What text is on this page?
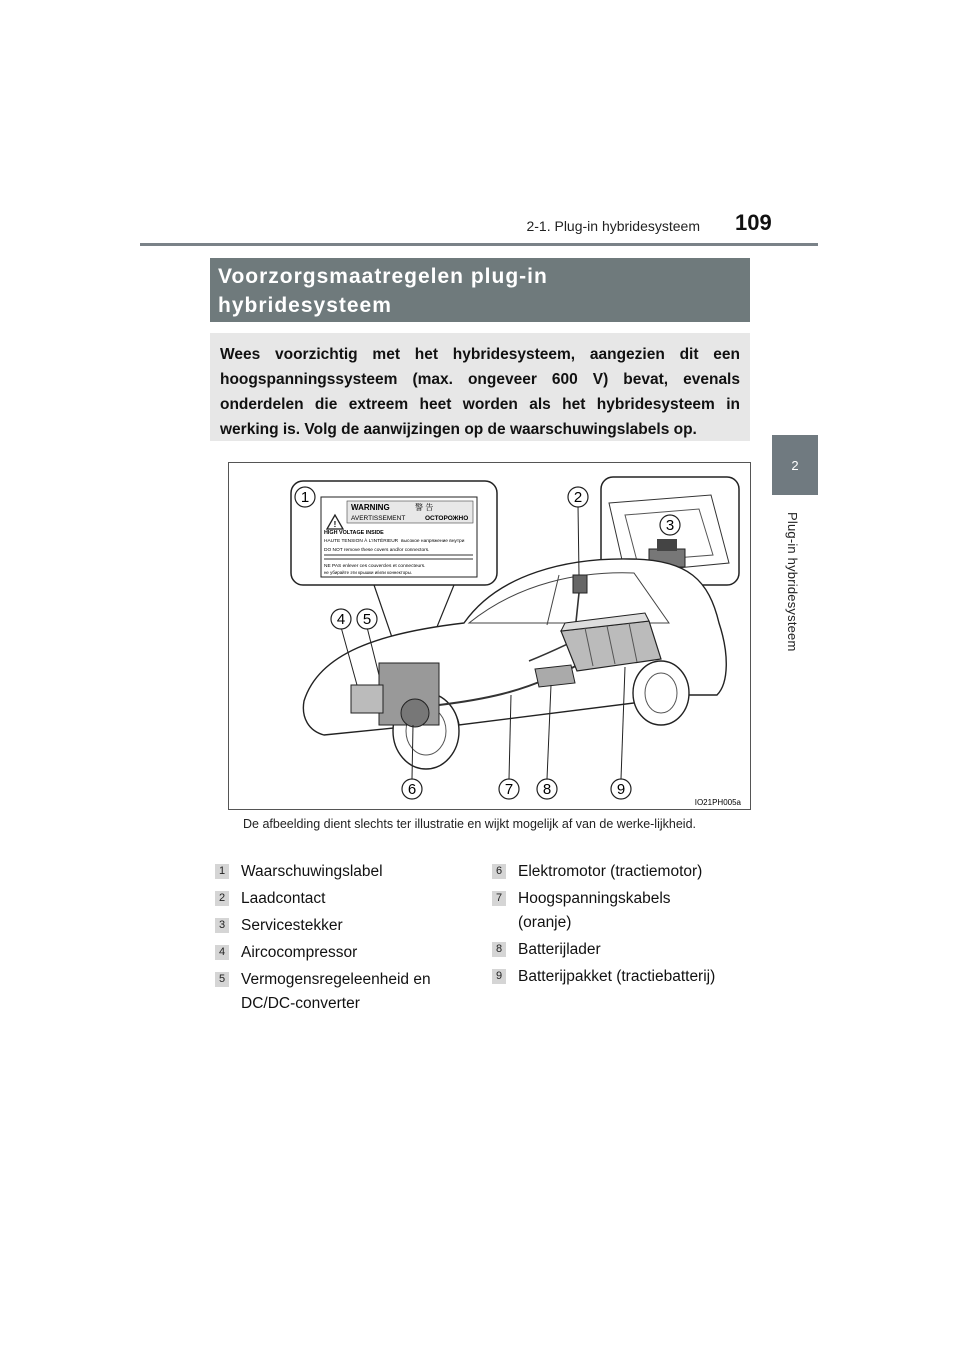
2-1. Plug-in hybridesysteem 109
2
Plug-in hybridesysteem
Voorzorgsmaatregelen plug-in
hybridesysteem
Wees voorzichtig met het hybridesysteem, aangezien dit een hoogspanningssysteem (max. ongeveer 600 V) bevat, evenals onderdelen die extreem heet worden als het hybridesysteem in werking is. Volg de aanwijzingen op de waarschuwingslabels op.
!
WARNING	警 告
AVERTISSEMENT	ОСТОРОЖНО
HIGH VOLTAGE INSIDE
HAUTE TENSION À L'INTÉRIEUR высокое напряжение внутри
DO NOT remove these covers and/or connectors.
NE PAS enlever ces couvercles et connecteurs.
не убирайте эти крышки и/или коннекторы.
1	2
3
4 5
6	7 8	9
IO21PH005a
De afbeelding dient slechts ter illustratie en wijkt mogelijk af van de werke-lijkheid.
1 Waarschuwingslabel
2 Laadcontact
3 Servicestekker
4 Aircocompressor
5 Vermogensregeleenheid en DC/DC-converter
6 Elektromotor (tractiemotor)
7 Hoogspanningskabels (oranje)
8 Batterijlader
9 Batterijpakket (tractiebatterij)
